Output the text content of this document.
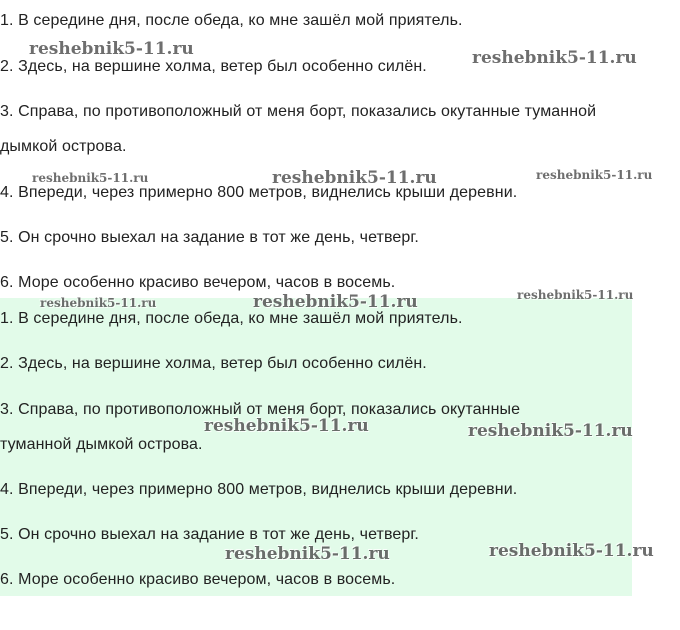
1. В середине дня, после обеда, ко мне зашёл мой приятель.
2. Здесь, на вершине холма, ветер был особенно силён.
3. Справа, по противоположный от меня борт, показались окутанные туманной
дымкой острова.
4. Впереди, через примерно 800 метров, виднелись крыши деревни.
5. Он срочно выехал на задание в тот же день, четверг.
6. Море особенно красиво вечером, часов в восемь.
1. В середине дня, после обеда, ко мне зашёл мой приятель.
2. Здесь, на вершине холма, ветер был особенно силён.
3. Справа, по противоположный от меня борт, показались окутанные
туманной дымкой острова.
4. Впереди, через примерно 800 метров, виднелись крыши деревни.
5. Он срочно выехал на задание в тот же день, четверг.
6. Море особенно красиво вечером, часов в восемь.
reshebnik5-11.ru	reshebnik5-11.ru
reshebnik5-11.ru	reshebnik5-11.ru	reshebnik5-11.ru
reshebnik5-11.ru	reshebnik5-11.ru	reshebnik5-11.ru
reshebnik5-11.ru	reshebnik5-11.ru
reshebnik5-11.ru	reshebnik5-11.ru
